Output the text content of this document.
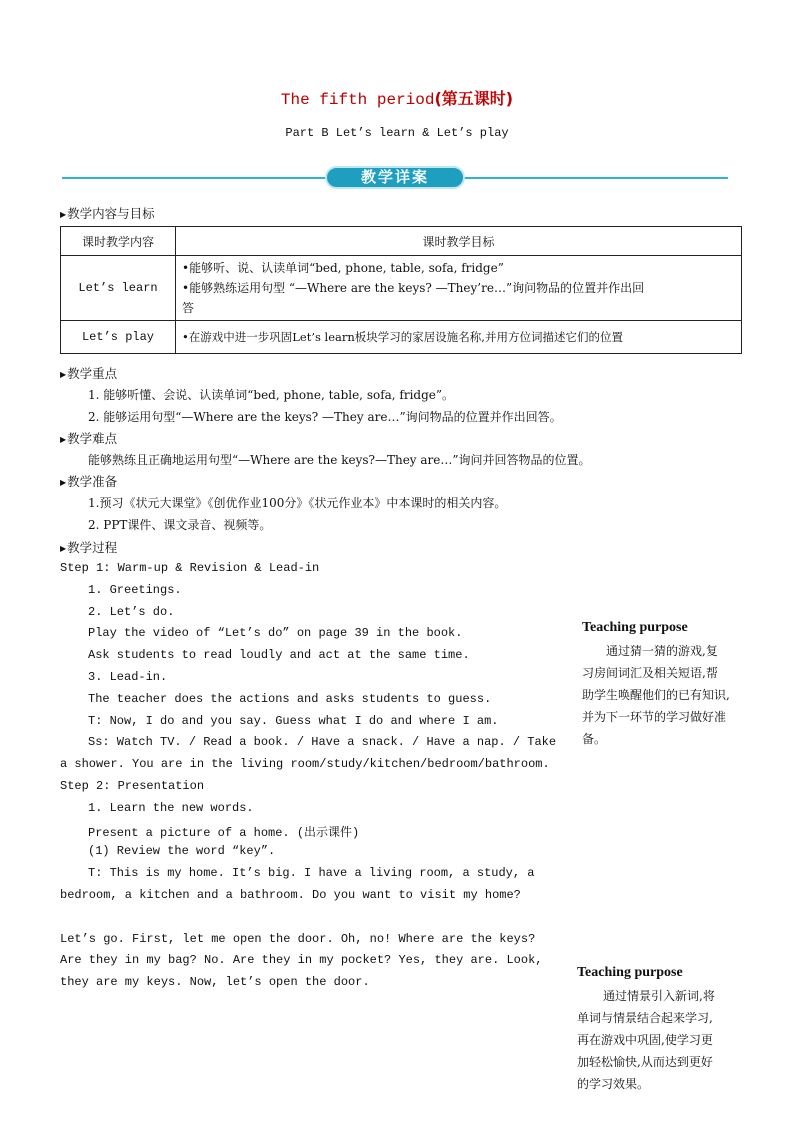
The fifth period(第五课时)
Part B Let’s learn & Let’s play
教学详案
▶教学内容与目标
课时教学内容	课时教学目标
Let’s learn	•能够听、说、认读单词“bed, phone, table, sofa, fridge”
•能够熟练运用句型 “—Where are the keys? —They’re…”询问物品的位置并作出回
答

Let’s play	•在游戏中进一步巩固Let’s learn板块学习的家居设施名称,并用方位词描述它们的位置
▶教学重点
1. 能够听懂、会说、认读单词“bed, phone, table, sofa, fridge”。
2. 能够运用句型“—Where are the keys? —They are…”询问物品的位置并作出回答。
▶教学难点
能够熟练且正确地运用句型“—Where are the keys?—They are…”询问并回答物品的位置。
▶教学准备
1.预习《状元大课堂》《创优作业100分》《状元作业本》中本课时的相关内容。
2. PPT课件、课文录音、视频等。
▶教学过程
Step 1: Warm-up & Revision & Lead-in
1. Greetings.
2. Let’s do.
Play the video of “Let’s do” on page 39 in the book.
Ask students to read loudly and act at the same time.
3. Lead-in.
The teacher does the actions and asks students to guess.
T: Now, I do and you say. Guess what I do and where I am.
Ss: Watch TV. / Read a book. / Have a snack. / Have a nap. / Take
a shower. You are in the living room/study/kitchen/bedroom/bathroom.
Step 2: Presentation
1. Learn the new words.
Present a picture of a home. (出示课件)
(1) Review the word “key”.
T: This is my home. It’s big. I have a living room, a study, a
bedroom, a kitchen and a bathroom. Do you want to visit my home?
Let’s go. First, let me open the door. Oh, no! Where are the keys?
Are they in my bag? No. Are they in my pocket? Yes, they are. Look,
they are my keys. Now, let’s open the door.
Teaching purpose
通过猜一猜的游戏,复
习房间词汇及相关短语,帮
助学生唤醒他们的已有知识,
并为下一环节的学习做好准
备。
Teaching purpose
通过情景引入新词,将
单词与情景结合起来学习,
再在游戏中巩固,使学习更
加轻松愉快,从而达到更好
的学习效果。
